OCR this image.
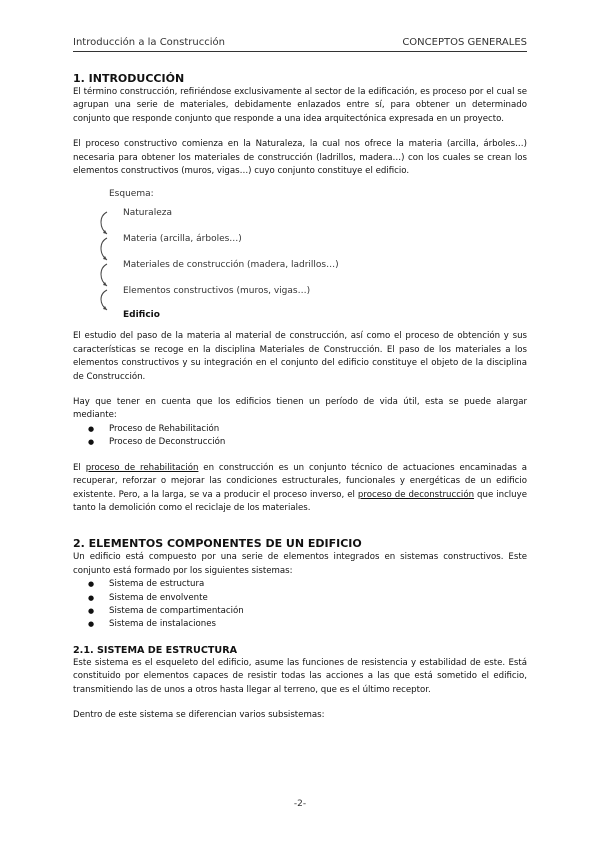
Introducción a la Construcción	CONCEPTOS GENERALES
1. INTRODUCCIÓN

El término construcción, refiriéndose exclusivamente al sector de la edificación, es proceso por el cual se agrupan una serie de materiales, debidamente enlazados entre sí, para obtener un determinado conjunto que responde conjunto que responde a una idea arquitectónica expresada en un proyecto.

El proceso constructivo comienza en la Naturaleza, la cual nos ofrece la materia (arcilla, árboles…) necesaria para obtener los materiales de construcción (ladrillos, madera…) con los cuales se crean los elementos constructivos (muros, vigas…) cuyo conjunto constituye el edificio.

Esquema:
Naturaleza
Materia (arcilla, árboles…)
Materiales de construcción (madera, ladrillos…)
Elementos constructivos (muros, vigas…)
Edificio

El estudio del paso de la materia al material de construcción, así como el proceso de obtención y sus características se recoge en la disciplina Materiales de Construcción. El paso de los materiales a los elementos constructivos y su integración en el conjunto del edificio constituye el objeto de la disciplina de Construcción.

Hay que tener en cuenta que los edificios tienen un período de vida útil, esta se puede alargar mediante:

● Proceso de Rehabilitación
● Proceso de Deconstrucción

El proceso de rehabilitación en construcción es un conjunto técnico de actuaciones encaminadas a recuperar, reforzar o mejorar las condiciones estructurales, funcionales y energéticas de un edificio existente. Pero, a la larga, se va a producir el proceso inverso, el proceso de deconstrucción que incluye tanto la demolición como el reciclaje de los materiales.

2. ELEMENTOS COMPONENTES DE UN EDIFICIO

Un edificio está compuesto por una serie de elementos integrados en sistemas constructivos. Este conjunto está formado por los siguientes sistemas:

● Sistema de estructura
● Sistema de envolvente
● Sistema de compartimentación
● Sistema de instalaciones
2.1. SISTEMA DE ESTRUCTURA

Este sistema es el esqueleto del edificio, asume las funciones de resistencia y estabilidad de este. Está constituido por elementos capaces de resistir todas las acciones a las que está sometido el edificio, transmitiendo las de unos a otros hasta llegar al terreno, que es el último receptor.

Dentro de este sistema se diferencian varios subsistemas:

-2-
